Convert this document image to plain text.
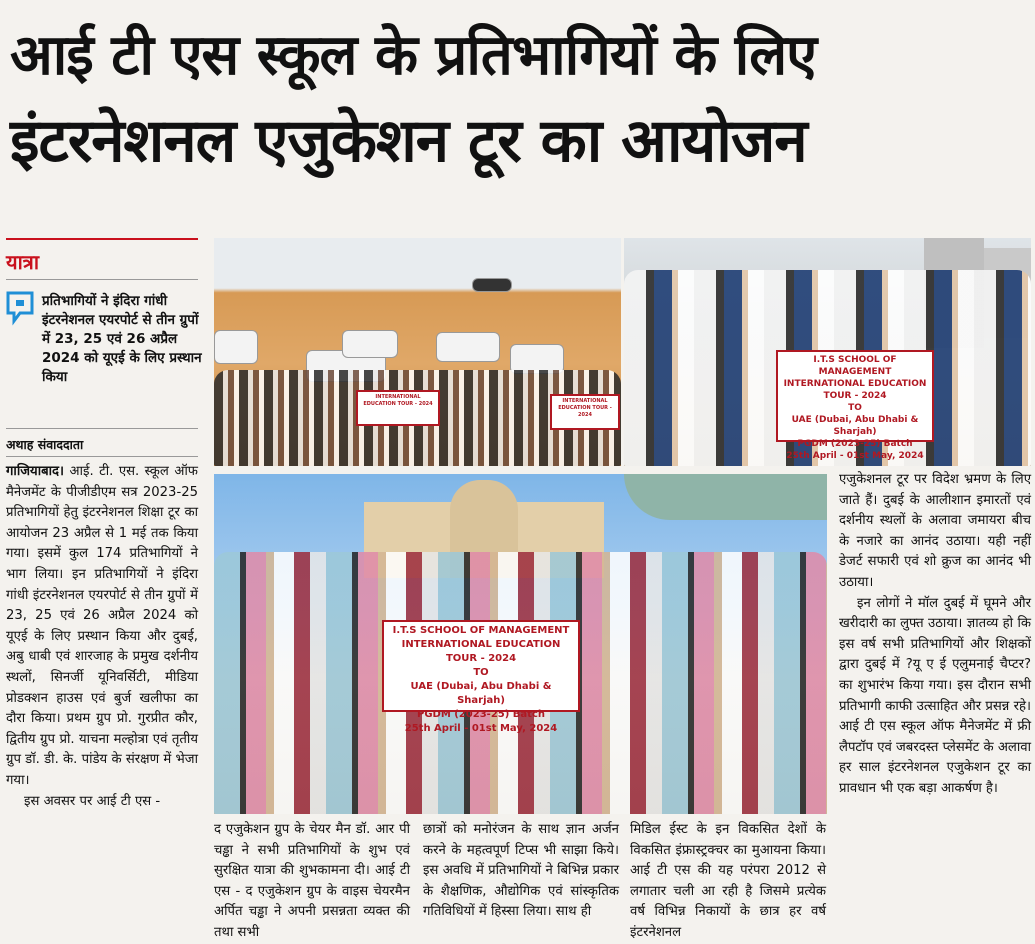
आई टी एस स्कूल के प्रतिभागियों के लिए
इंटरनेशनल एजुकेशन टूर का आयोजन
यात्रा
प्रतिभागियों ने इंदिरा गांधी इंटरनेशनल एयरपोर्ट से तीन ग्रुपों में 23, 25 एवं 26 अप्रैल 2024 को यूएई के लिए प्रस्थान किया
अथाह संवाददाता

गाजियाबाद। आई. टी. एस. स्कूल ऑफ मैनेजमेंट के पीजीडीएम सत्र 2023-25 प्रतिभागियों हेतु इंटरनेशनल शिक्षा टूर का आयोजन 23 अप्रैल से 1 मई तक किया गया। इसमें कुल 174 प्रतिभागियों ने भाग लिया। इन प्रतिभागियों ने इंदिरा गांधी इंटरनेशनल एयरपोर्ट से तीन ग्रुपों में 23, 25 एवं 26 अप्रैल 2024 को यूएई के लिए प्रस्थान किया और दुबई, अबु धाबी एवं शारजाह के प्रमुख दर्शनीय स्थलों, सिनर्जी यूनिवर्सिटी, मीडिया प्रोडक्शन हाउस एवं बुर्ज खलीफा का दौरा किया। प्रथम ग्रुप प्रो. गुरप्रीत कौर, द्वितीय ग्रुप प्रो. याचना मल्होत्रा एवं तृतीय ग्रुप डॉ. डी. के. पांडेय के संरक्षण में भेजा गया।

इस अवसर पर आई टी एस -

INTERNATIONAL EDUCATION TOUR - 2024	INTERNATIONAL EDUCATION TOUR - 2024
I.T.S SCHOOL OF MANAGEMENT
INTERNATIONAL EDUCATION TOUR - 2024
TO
UAE (Dubai, Abu Dhabi & Sharjah)
PGDM (2023-25) Batch
25th April - 01st May, 2024
I.T.S SCHOOL OF MANAGEMENT
INTERNATIONAL EDUCATION TOUR - 2024
TO
UAE (Dubai, Abu Dhabi & Sharjah)
PGDM (2023-25) Batch
25th April - 01st May, 2024

द एजुकेशन ग्रुप के चेयर मैन डॉ. आर पी चड्ढा ने सभी प्रतिभागियों के शुभ एवं सुरक्षित यात्रा की शुभकामना दी। आई टी एस - द एजुकेशन ग्रुप के वाइस चेयरमैन अर्पित चड्ढा ने अपनी प्रसन्नता व्यक्त की तथा सभी

छात्रों को मनोरंजन के साथ ज्ञान अर्जन करने के महत्वपूर्ण टिप्स भी साझा किये। इस अवधि में प्रतिभागियों ने बिभिन्न प्रकार के शैक्षणिक, औद्योगिक एवं सांस्कृतिक गतिविधियों में हिस्सा लिया। साथ ही

मिडिल ईस्ट के इन विकसित देशों के विकसित इंफ्रास्ट्रक्चर का मुआयना किया। आई टी एस की यह परंपरा 2012 से लगातार चली आ रही है जिसमे प्रत्येक वर्ष विभिन्न निकायों के छात्र हर वर्ष इंटरनेशनल

एजुकेशनल टूर पर विदेश भ्रमण के लिए जाते हैं। दुबई के आलीशान इमारतों एवं दर्शनीय स्थलों के अलावा जमायरा बीच के नजारे का आनंद उठाया। यही नहीं डेजर्ट सफारी एवं शो क्रुज का आनंद भी उठाया।

इन लोगों ने मॉल दुबई में घूमने और खरीदारी का लुफ्त उठाया। ज्ञातव्य हो कि इस वर्ष सभी प्रतिभागियों और शिक्षकों द्वारा दुबई में ?यू ए ई एलुमनाई चैप्टर? का शुभारंभ किया गया। इस दौरान सभी प्रतिभागी काफी उत्साहित और प्रसन्न रहे। आई टी एस स्कूल ऑफ मैनेजमेंट में फ्री लैपटॉप एवं जबरदस्त प्लेसमेंट के अलावा हर साल इंटरनेशनल एजुकेशन टूर का प्रावधान भी एक बड़ा आकर्षण है।
